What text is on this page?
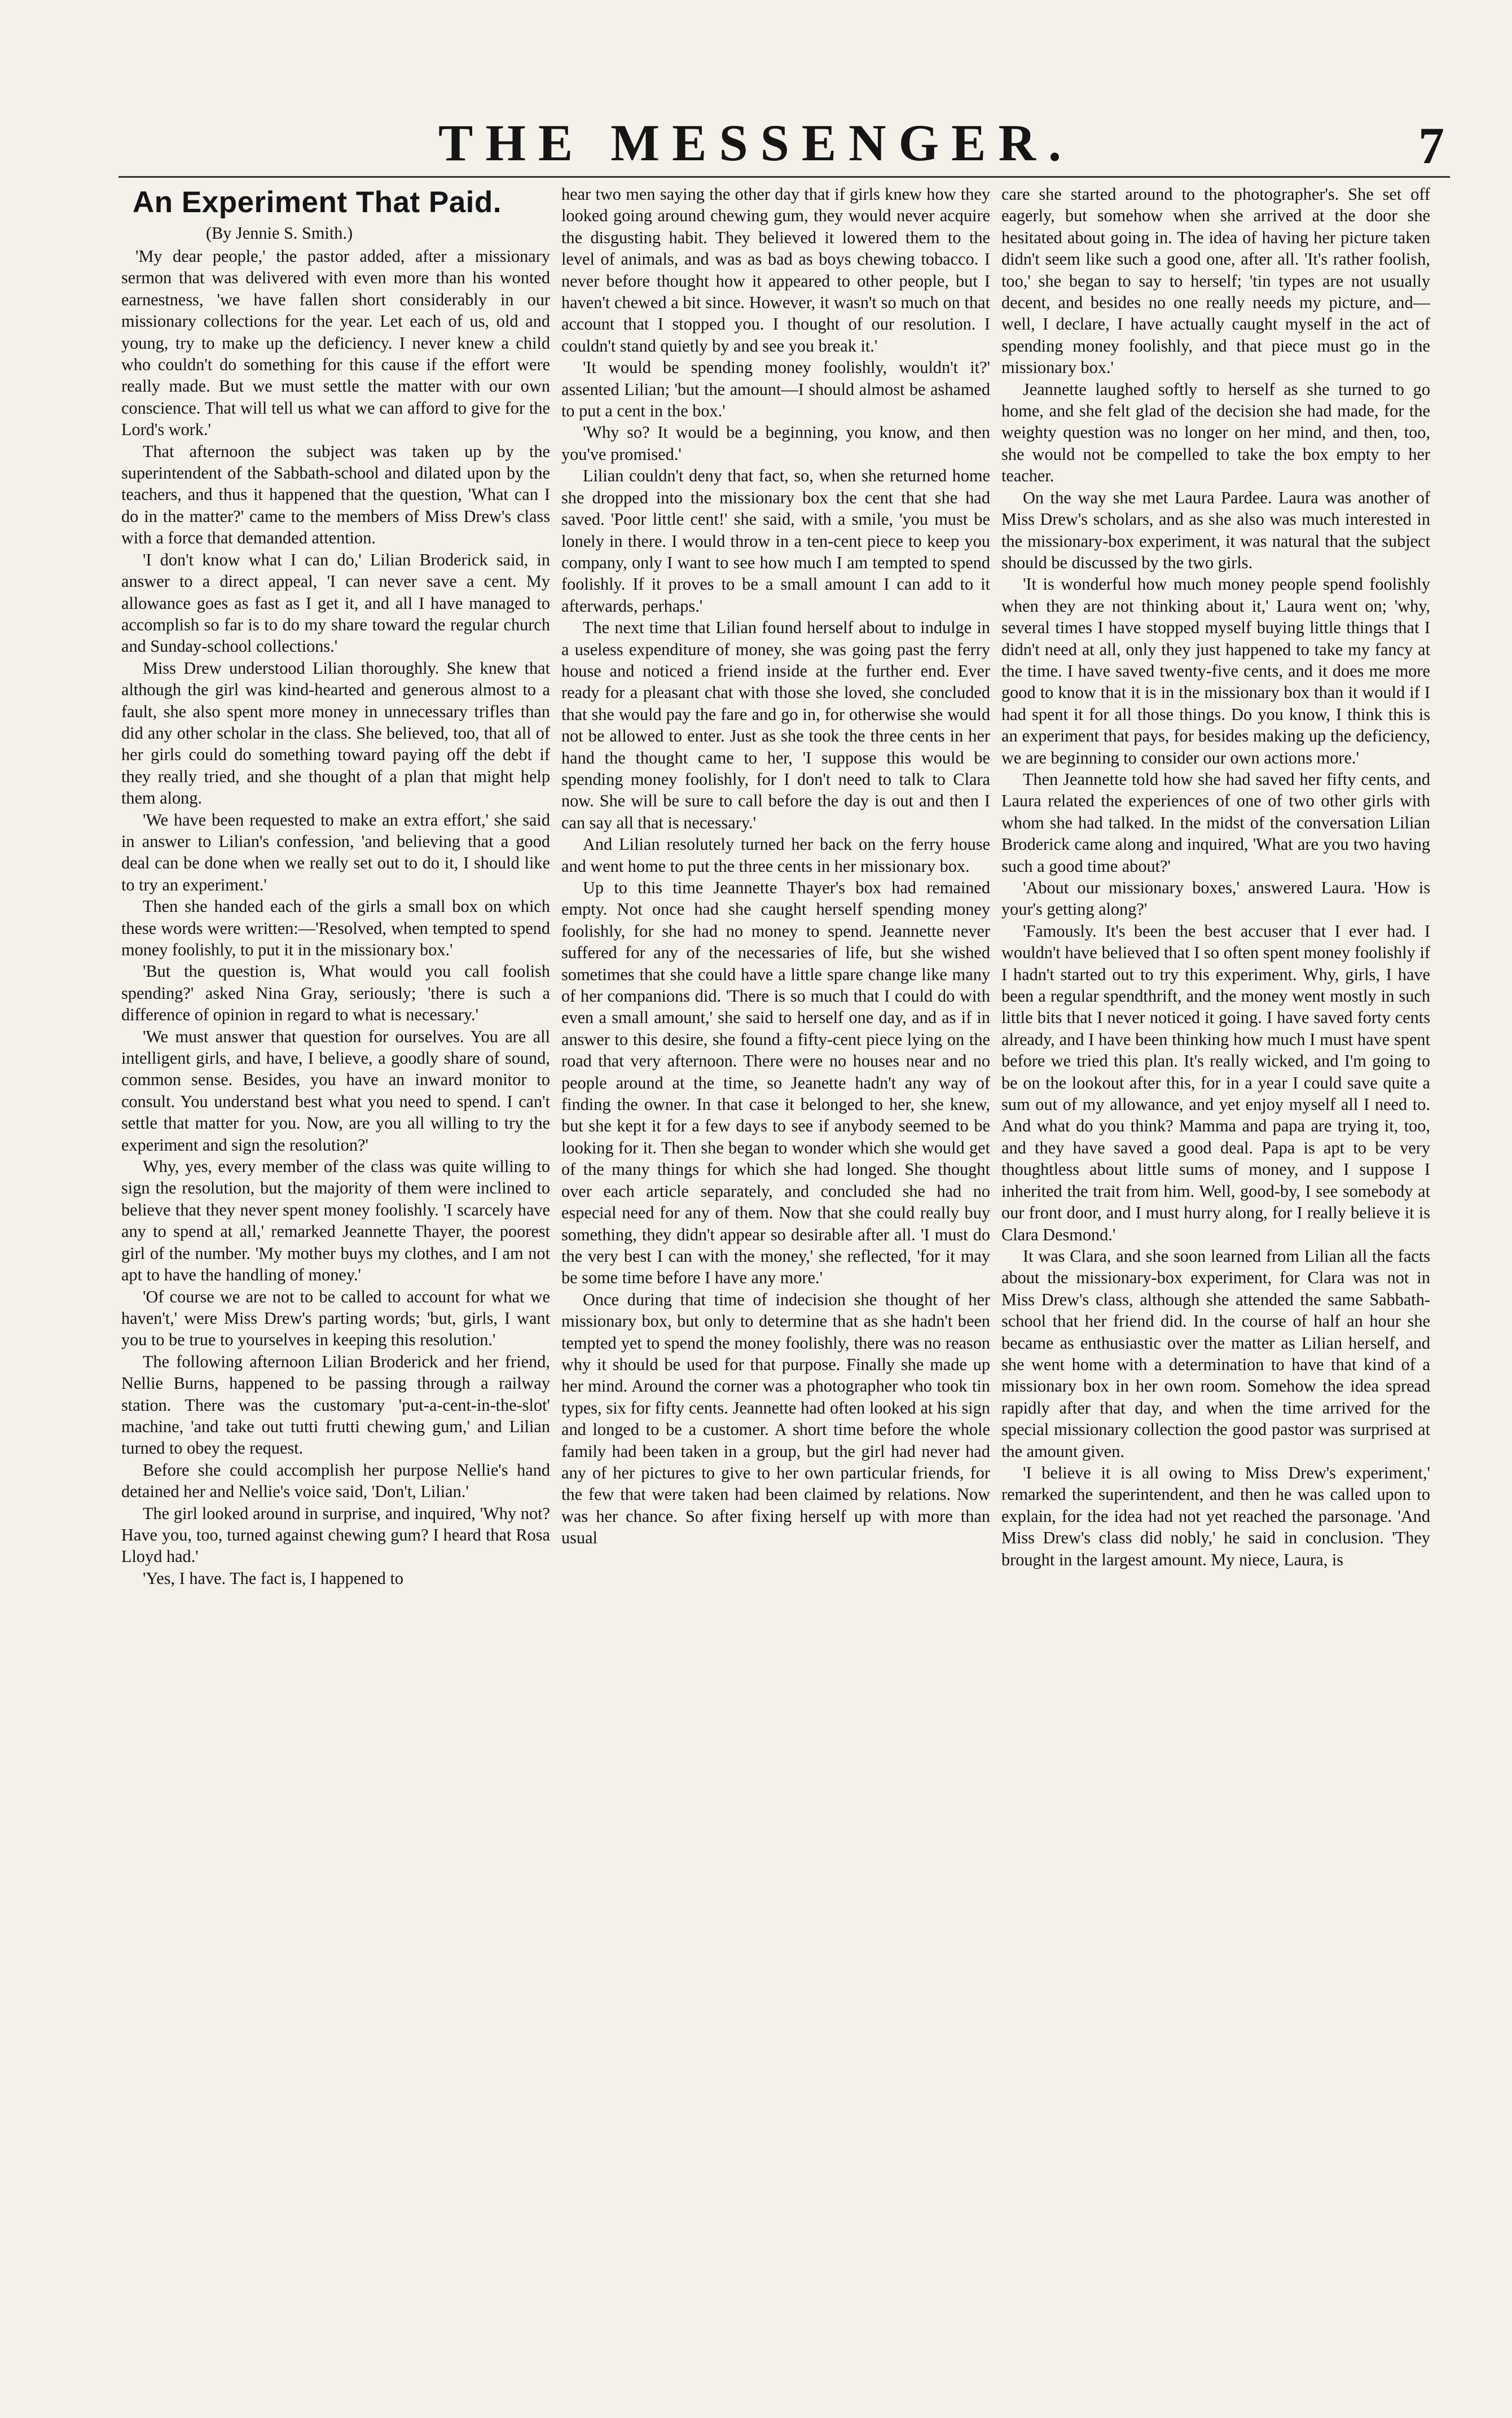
THE MESSENGER.	7
An Experiment That Paid.
(By Jennie S. Smith.)

'My dear people,' the pastor added, after a missionary sermon that was delivered with even more than his wonted earnestness, 'we have fallen short considerably in our missionary collections for the year. Let each of us, old and young, try to make up the deficiency. I never knew a child who couldn't do something for this cause if the effort were really made. But we must settle the matter with our own conscience. That will tell us what we can afford to give for the Lord's work.'

That afternoon the subject was taken up by the superintendent of the Sabbath-school and dilated upon by the teachers, and thus it happened that the question, 'What can I do in the matter?' came to the members of Miss Drew's class with a force that demanded attention.

'I don't know what I can do,' Lilian Broderick said, in answer to a direct appeal, 'I can never save a cent. My allowance goes as fast as I get it, and all I have managed to accomplish so far is to do my share toward the regular church and Sunday-school collections.'

Miss Drew understood Lilian thoroughly. She knew that although the girl was kind-hearted and generous almost to a fault, she also spent more money in unnecessary trifles than did any other scholar in the class. She believed, too, that all of her girls could do something toward paying off the debt if they really tried, and she thought of a plan that might help them along.

'We have been requested to make an extra effort,' she said in answer to Lilian's confession, 'and believing that a good deal can be done when we really set out to do it, I should like to try an experiment.'

Then she handed each of the girls a small box on which these words were written:—'Resolved, when tempted to spend money foolishly, to put it in the missionary box.'

'But the question is, What would you call foolish spending?' asked Nina Gray, seriously; 'there is such a difference of opinion in regard to what is necessary.'

'We must answer that question for ourselves. You are all intelligent girls, and have, I believe, a goodly share of sound, common sense. Besides, you have an inward monitor to consult. You understand best what you need to spend. I can't settle that matter for you. Now, are you all willing to try the experiment and sign the resolution?'

Why, yes, every member of the class was quite willing to sign the resolution, but the majority of them were inclined to believe that they never spent money foolishly. 'I scarcely have any to spend at all,' remarked Jeannette Thayer, the poorest girl of the number. 'My mother buys my clothes, and I am not apt to have the handling of money.'

'Of course we are not to be called to account for what we haven't,' were Miss Drew's parting words; 'but, girls, I want you to be true to yourselves in keeping this resolution.'

The following afternoon Lilian Broderick and her friend, Nellie Burns, happened to be passing through a railway station. There was the customary 'put-a-cent-in-the-slot' machine, 'and take out tutti frutti chewing gum,' and Lilian turned to obey the request.

Before she could accomplish her purpose Nellie's hand detained her and Nellie's voice said, 'Don't, Lilian.'

The girl looked around in surprise, and inquired, 'Why not? Have you, too, turned against chewing gum? I heard that Rosa Lloyd had.'

'Yes, I have. The fact is, I happened to

hear two men saying the other day that if girls knew how they looked going around chewing gum, they would never acquire the disgusting habit. They believed it lowered them to the level of animals, and was as bad as boys chewing tobacco. I never before thought how it appeared to other people, but I haven't chewed a bit since. However, it wasn't so much on that account that I stopped you. I thought of our resolution. I couldn't stand quietly by and see you break it.'

'It would be spending money foolishly, wouldn't it?' assented Lilian; 'but the amount—I should almost be ashamed to put a cent in the box.'

'Why so? It would be a beginning, you know, and then you've promised.'

Lilian couldn't deny that fact, so, when she returned home she dropped into the missionary box the cent that she had saved. 'Poor little cent!' she said, with a smile, 'you must be lonely in there. I would throw in a ten-cent piece to keep you company, only I want to see how much I am tempted to spend foolishly. If it proves to be a small amount I can add to it afterwards, perhaps.'

The next time that Lilian found herself about to indulge in a useless expenditure of money, she was going past the ferry house and noticed a friend inside at the further end. Ever ready for a pleasant chat with those she loved, she concluded that she would pay the fare and go in, for otherwise she would not be allowed to enter. Just as she took the three cents in her hand the thought came to her, 'I suppose this would be spending money foolishly, for I don't need to talk to Clara now. She will be sure to call before the day is out and then I can say all that is necessary.'

And Lilian resolutely turned her back on the ferry house and went home to put the three cents in her missionary box.

Up to this time Jeannette Thayer's box had remained empty. Not once had she caught herself spending money foolishly, for she had no money to spend. Jeannette never suffered for any of the necessaries of life, but she wished sometimes that she could have a little spare change like many of her companions did. 'There is so much that I could do with even a small amount,' she said to herself one day, and as if in answer to this desire, she found a fifty-cent piece lying on the road that very afternoon. There were no houses near and no people around at the time, so Jeanette hadn't any way of finding the owner. In that case it belonged to her, she knew, but she kept it for a few days to see if anybody seemed to be looking for it. Then she began to wonder which she would get of the many things for which she had longed. She thought over each article separately, and concluded she had no especial need for any of them. Now that she could really buy something, they didn't appear so desirable after all. 'I must do the very best I can with the money,' she reflected, 'for it may be some time before I have any more.'

Once during that time of indecision she thought of her missionary box, but only to determine that as she hadn't been tempted yet to spend the money foolishly, there was no reason why it should be used for that purpose. Finally she made up her mind. Around the corner was a photographer who took tin types, six for fifty cents. Jeannette had often looked at his sign and longed to be a customer. A short time before the whole family had been taken in a group, but the girl had never had any of her pictures to give to her own particular friends, for the few that were taken had been claimed by relations. Now was her chance. So after fixing herself up with more than usual

care she started around to the photographer's. She set off eagerly, but somehow when she arrived at the door she hesitated about going in. The idea of having her picture taken didn't seem like such a good one, after all. 'It's rather foolish, too,' she began to say to herself; 'tin types are not usually decent, and besides no one really needs my picture, and—well, I declare, I have actually caught myself in the act of spending money foolishly, and that piece must go in the missionary box.'

Jeannette laughed softly to herself as she turned to go home, and she felt glad of the decision she had made, for the weighty question was no longer on her mind, and then, too, she would not be compelled to take the box empty to her teacher.

On the way she met Laura Pardee. Laura was another of Miss Drew's scholars, and as she also was much interested in the missionary-box experiment, it was natural that the subject should be discussed by the two girls.

'It is wonderful how much money people spend foolishly when they are not thinking about it,' Laura went on; 'why, several times I have stopped myself buying little things that I didn't need at all, only they just happened to take my fancy at the time. I have saved twenty-five cents, and it does me more good to know that it is in the missionary box than it would if I had spent it for all those things. Do you know, I think this is an experiment that pays, for besides making up the deficiency, we are beginning to consider our own actions more.'

Then Jeannette told how she had saved her fifty cents, and Laura related the experiences of one of two other girls with whom she had talked. In the midst of the conversation Lilian Broderick came along and inquired, 'What are you two having such a good time about?'

'About our missionary boxes,' answered Laura. 'How is your's getting along?'

'Famously. It's been the best accuser that I ever had. I wouldn't have believed that I so often spent money foolishly if I hadn't started out to try this experiment. Why, girls, I have been a regular spendthrift, and the money went mostly in such little bits that I never noticed it going. I have saved forty cents already, and I have been thinking how much I must have spent before we tried this plan. It's really wicked, and I'm going to be on the lookout after this, for in a year I could save quite a sum out of my allowance, and yet enjoy myself all I need to. And what do you think? Mamma and papa are trying it, too, and they have saved a good deal. Papa is apt to be very thoughtless about little sums of money, and I suppose I inherited the trait from him. Well, good-by, I see somebody at our front door, and I must hurry along, for I really believe it is Clara Desmond.'

It was Clara, and she soon learned from Lilian all the facts about the missionary-box experiment, for Clara was not in Miss Drew's class, although she attended the same Sabbath-school that her friend did. In the course of half an hour she became as enthusiastic over the matter as Lilian herself, and she went home with a determination to have that kind of a missionary box in her own room. Somehow the idea spread rapidly after that day, and when the time arrived for the special missionary collection the good pastor was surprised at the amount given.

'I believe it is all owing to Miss Drew's experiment,' remarked the superintendent, and then he was called upon to explain, for the idea had not yet reached the parsonage. 'And Miss Drew's class did nobly,' he said in conclusion. 'They brought in the largest amount. My niece, Laura, is
